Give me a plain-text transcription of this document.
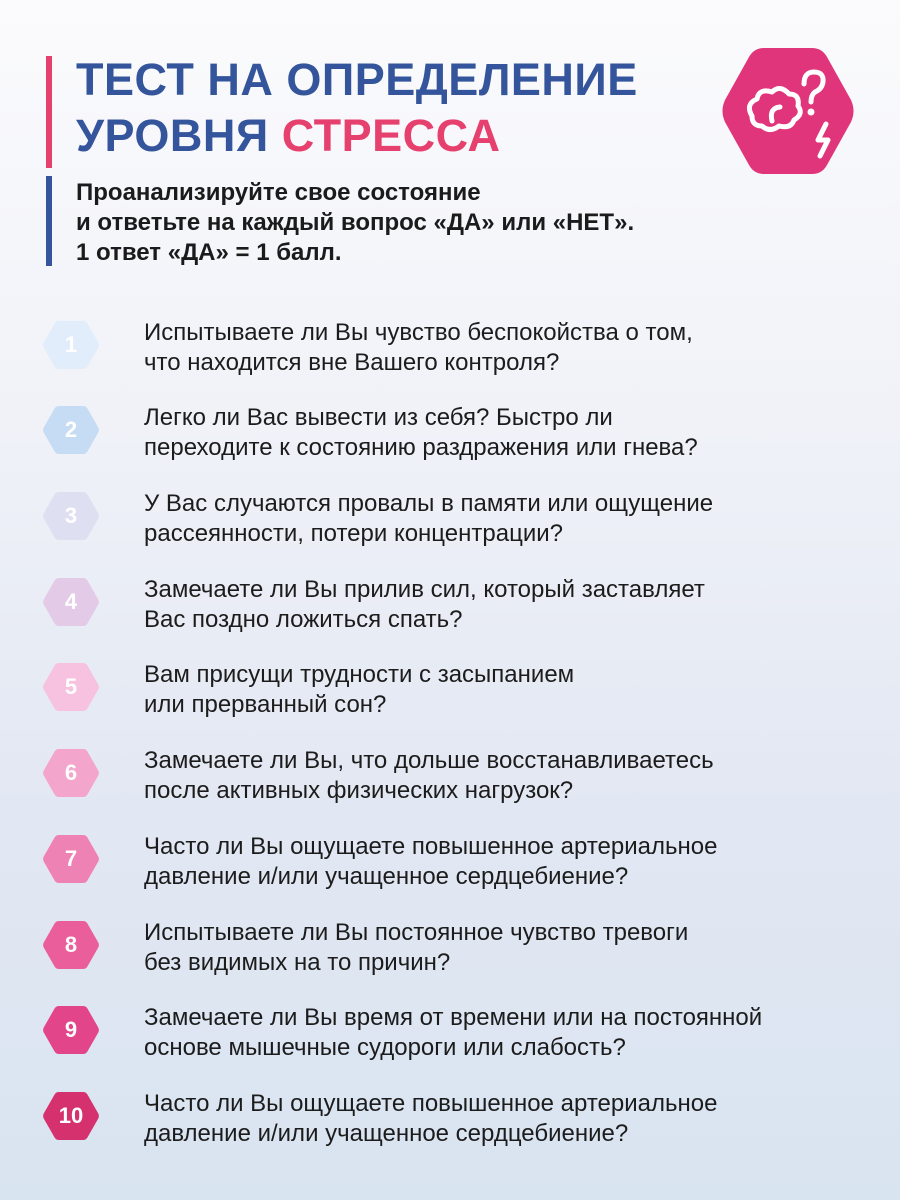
ТЕСТ НА ОПРЕДЕЛЕНИЕ
УРОВНЯ СТРЕССА
Проанализируйте свое состояние
и ответьте на каждый вопрос «ДА» или «НЕТ».
1 ответ «ДА» = 1 балл.
1	Испытываете ли Вы чувство беспокойства о том,
что находится вне Вашего контроля?
2	Легко ли Вас вывести из себя? Быстро ли
переходите к состоянию раздражения или гнева?
3	У Вас случаются провалы в памяти или ощущение
рассеянности, потери концентрации?
4	Замечаете ли Вы прилив сил, который заставляет
Вас поздно ложиться спать?
5	Вам присущи трудности с засыпанием
или прерванный сон?
6	Замечаете ли Вы, что дольше восстанавливаетесь
после активных физических нагрузок?
7	Часто ли Вы ощущаете повышенное артериальное
давление и/или учащенное сердцебиение?
8	Испытываете ли Вы постоянное чувство тревоги
без видимых на то причин?
9	Замечаете ли Вы время от времени или на постоянной
основе мышечные судороги или слабость?
10	Часто ли Вы ощущаете повышенное артериальное
давление и/или учащенное сердцебиение?
